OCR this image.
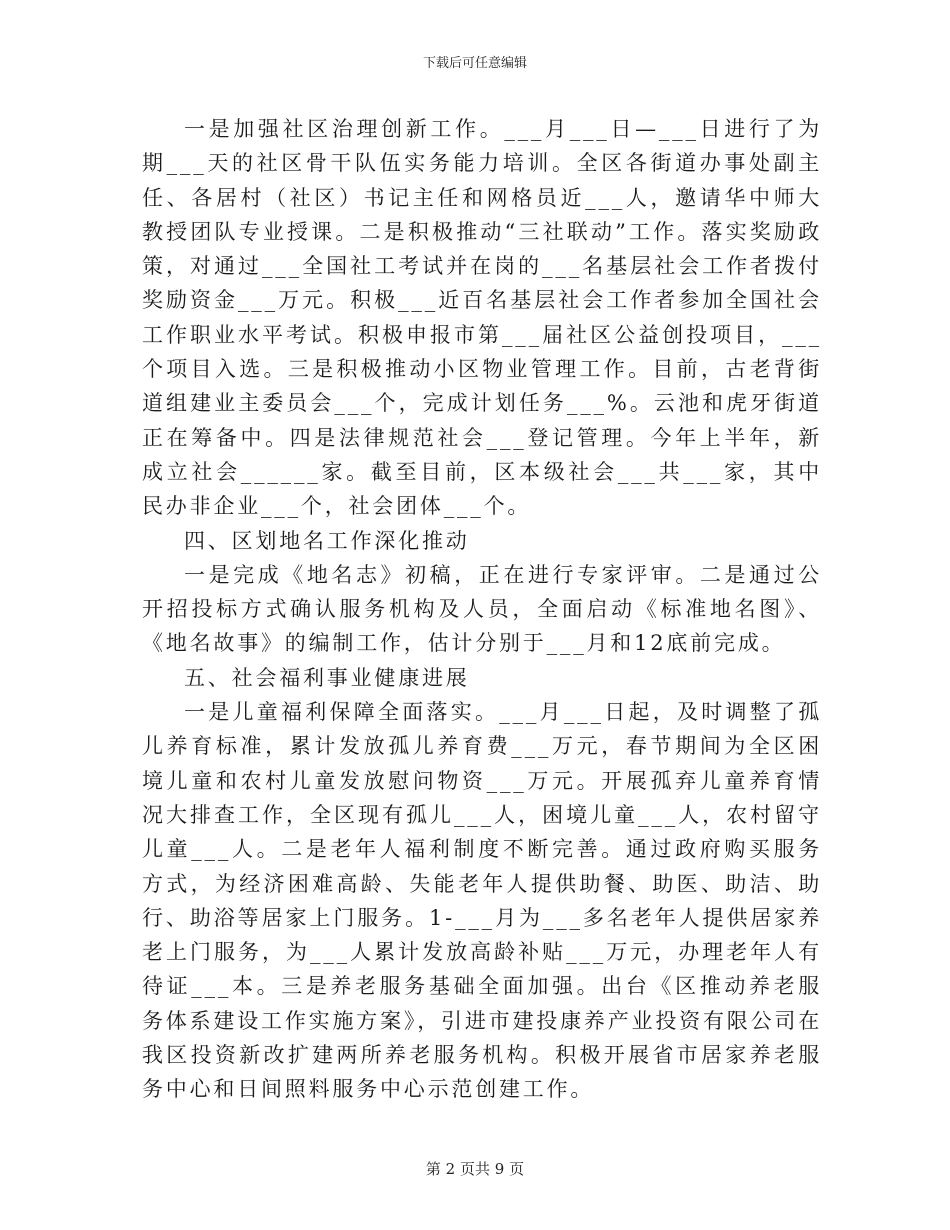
下载后可任意编辑

一是加强社区治理创新工作。___月___日—___日进行了为期___天的社区骨干队伍实务能力培训。全区各街道办事处副主任、各居村（社区）书记主任和网格员近___人，邀请华中师大教授团队专业授课。二是积极推动“三社联动”工作。落实奖励政策，对通过___全国社工考试并在岗的___名基层社会工作者拨付奖励资金___万元。积极___近百名基层社会工作者参加全国社会工作职业水平考试。积极申报市第___届社区公益创投项目，___个项目入选。三是积极推动小区物业管理工作。目前，古老背街道组建业主委员会___个，完成计划任务___%。云池和虎牙街道正在筹备中。四是法律规范社会___登记管理。今年上半年，新成立社会______家。截至目前，区本级社会___共___家，其中民办非企业___个，社会团体___个。

四、区划地名工作深化推动

一是完成《地名志》初稿，正在进行专家评审。二是通过公开招投标方式确认服务机构及人员，全面启动《标准地名图》、《地名故事》的编制工作，估计分别于___月和12底前完成。

五、社会福利事业健康进展

一是儿童福利保障全面落实。___月___日起，及时调整了孤儿养育标准，累计发放孤儿养育费___万元，春节期间为全区困境儿童和农村儿童发放慰问物资___万元。开展孤弃儿童养育情况大排查工作，全区现有孤儿___人，困境儿童___人，农村留守儿童___人。二是老年人福利制度不断完善。通过政府购买服务方式，为经济困难高龄、失能老年人提供助餐、助医、助洁、助行、助浴等居家上门服务。1-___月为___多名老年人提供居家养老上门服务，为___人累计发放高龄补贴___万元，办理老年人有待证___本。三是养老服务基础全面加强。出台《区推动养老服务体系建设工作实施方案》，引进市建投康养产业投资有限公司在我区投资新改扩建两所养老服务机构。积极开展省市居家养老服务中心和日间照料服务中心示范创建工作。

第 2 页共 9 页
